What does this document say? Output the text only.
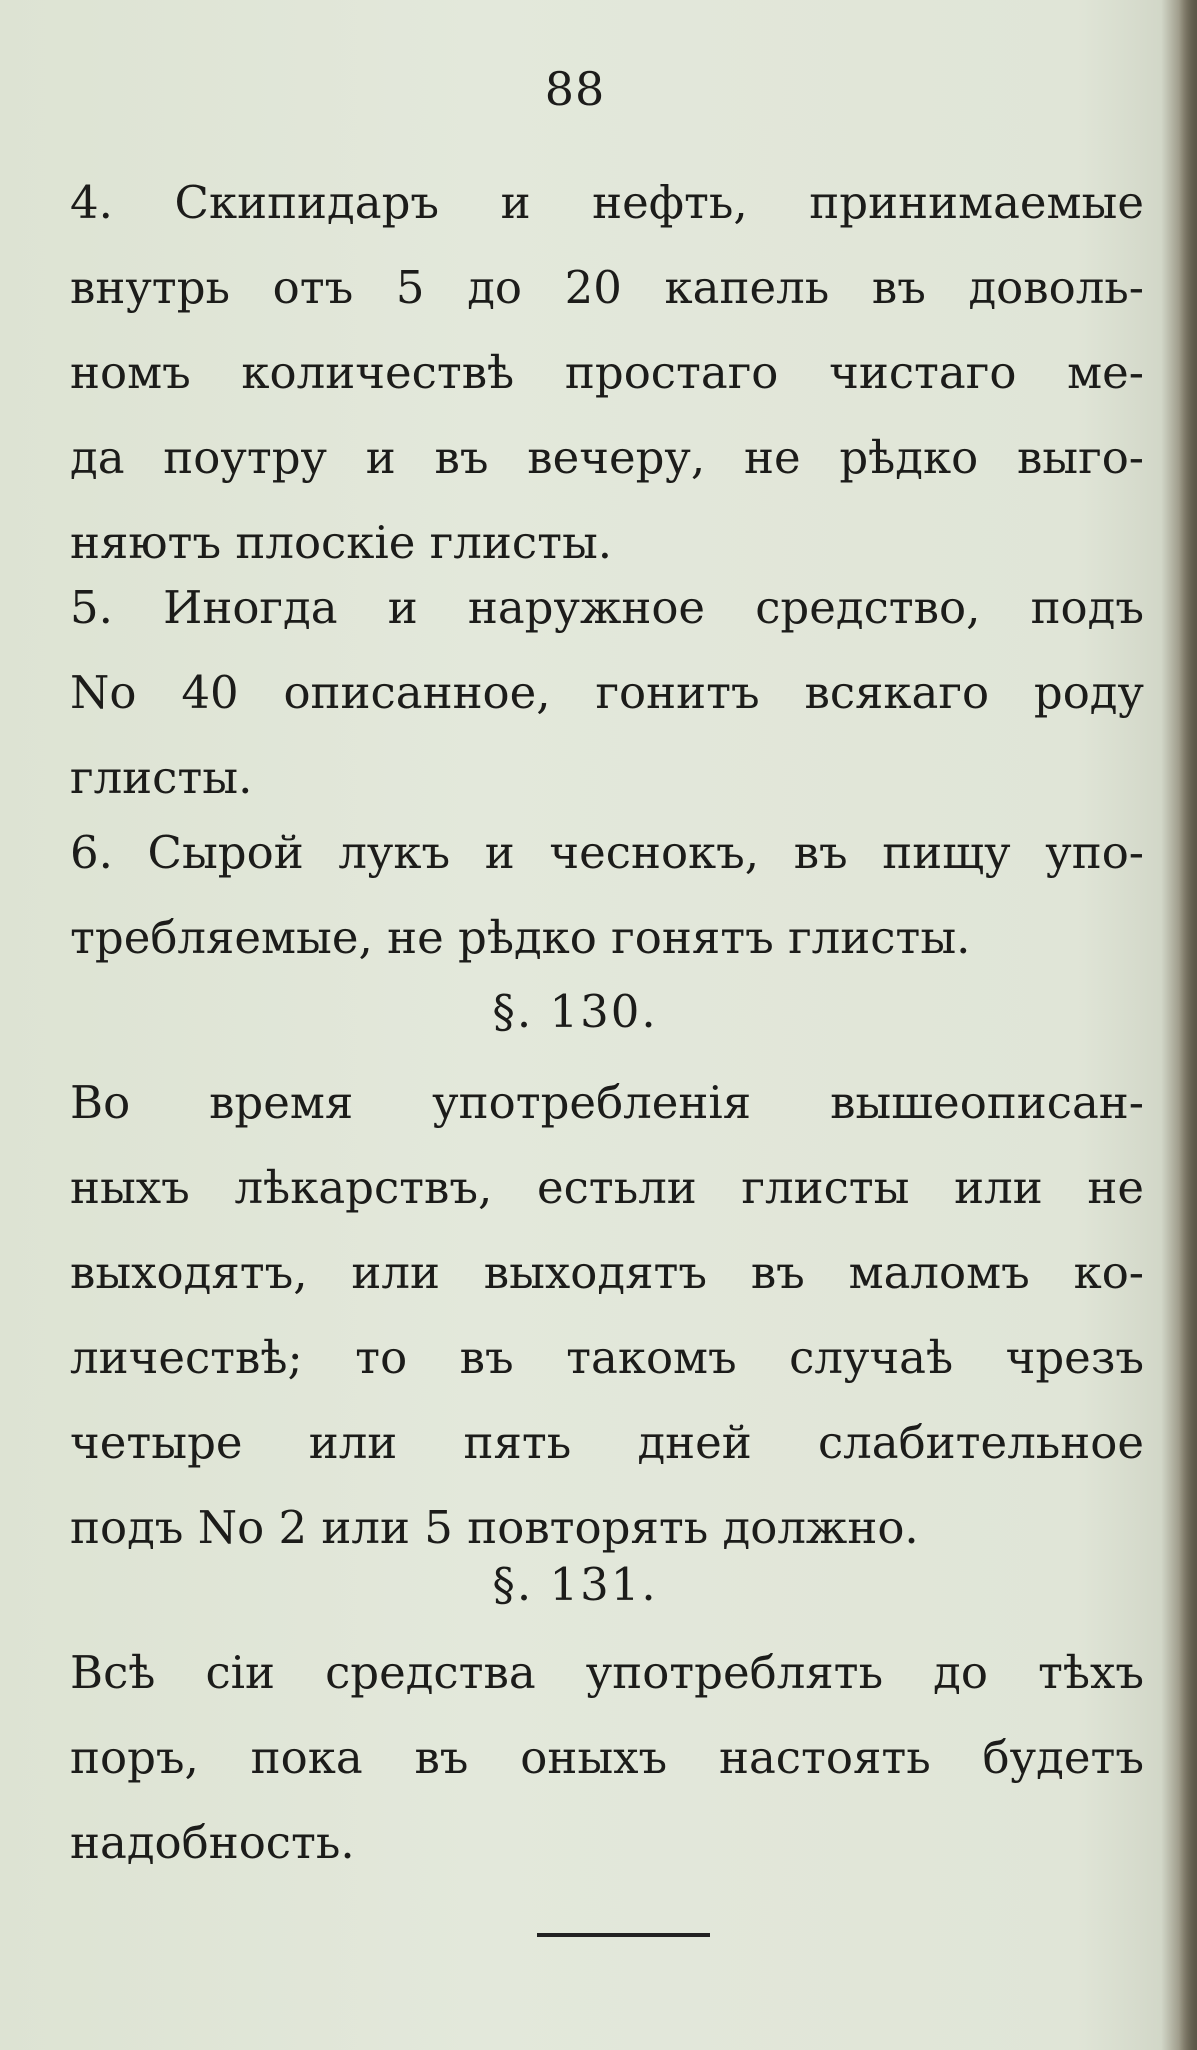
88
4. Скипидаръ и нефть, принимаемые
внутрь отъ 5 до 20 капель въ доволь-
номъ количествѣ простаго чистаго ме-
да поутру и въ вечеру, не рѣдко выго-
няютъ плоскіе глисты.
5. Иногда и наружное средство, подъ
No 40 описанное, гонитъ всякаго роду
глисты.
6. Сырой лукъ и чеснокъ, въ пищу упо-
требляемые, не рѣдко гонятъ глисты.
§. 130.
Во время употребленія вышеописан-
ныхъ лѣкарствъ, естьли глисты или не
выходятъ, или выходятъ въ маломъ ко-
личествѣ; то въ такомъ случаѣ чрезъ
четыре или пять дней слабительное
подъ No 2 или 5 повторять должно.
§. 131.
Всѣ сіи средства употреблять до тѣхъ
поръ, пока въ оныхъ настоять будетъ
надобность.
